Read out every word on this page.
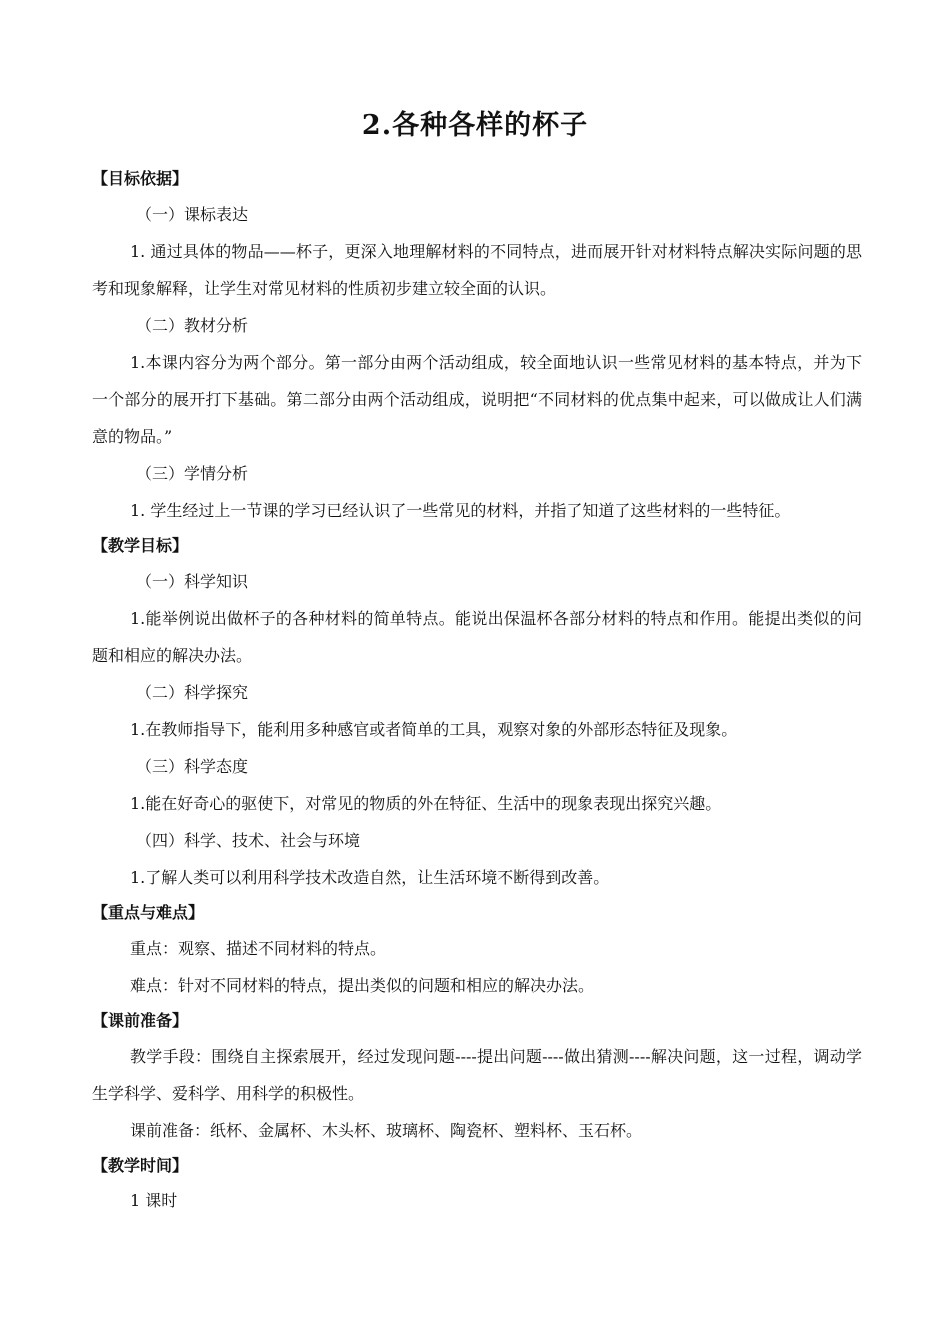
2.各种各样的杯子
【目标依据】
（一）课标表达
1. 通过具体的物品——杯子，更深入地理解材料的不同特点，进而展开针对材料特点解决实际问题的思考和现象解释，让学生对常见材料的性质初步建立较全面的认识。
（二）教材分析
1.本课内容分为两个部分。第一部分由两个活动组成，较全面地认识一些常见材料的基本特点，并为下一个部分的展开打下基础。第二部分由两个活动组成，说明把“不同材料的优点集中起来，可以做成让人们满意的物品。”
（三）学情分析
1. 学生经过上一节课的学习已经认识了一些常见的材料，并指了知道了这些材料的一些特征。
【教学目标】
（一）科学知识
1.能举例说出做杯子的各种材料的简单特点。能说出保温杯各部分材料的特点和作用。能提出类似的问题和相应的解决办法。
（二）科学探究
1.在教师指导下，能利用多种感官或者简单的工具，观察对象的外部形态特征及现象。
（三）科学态度
1.能在好奇心的驱使下，对常见的物质的外在特征、生活中的现象表现出探究兴趣。
（四）科学、技术、社会与环境
1.了解人类可以利用科学技术改造自然，让生活环境不断得到改善。
【重点与难点】
重点：观察、描述不同材料的特点。
难点：针对不同材料的特点，提出类似的问题和相应的解决办法。
【课前准备】
教学手段：围绕自主探索展开，经过发现问题----提出问题----做出猜测----解决问题，这一过程，调动学生学科学、爱科学、用科学的积极性。
课前准备：纸杯、金属杯、木头杯、玻璃杯、陶瓷杯、塑料杯、玉石杯。
【教学时间】
1 课时
